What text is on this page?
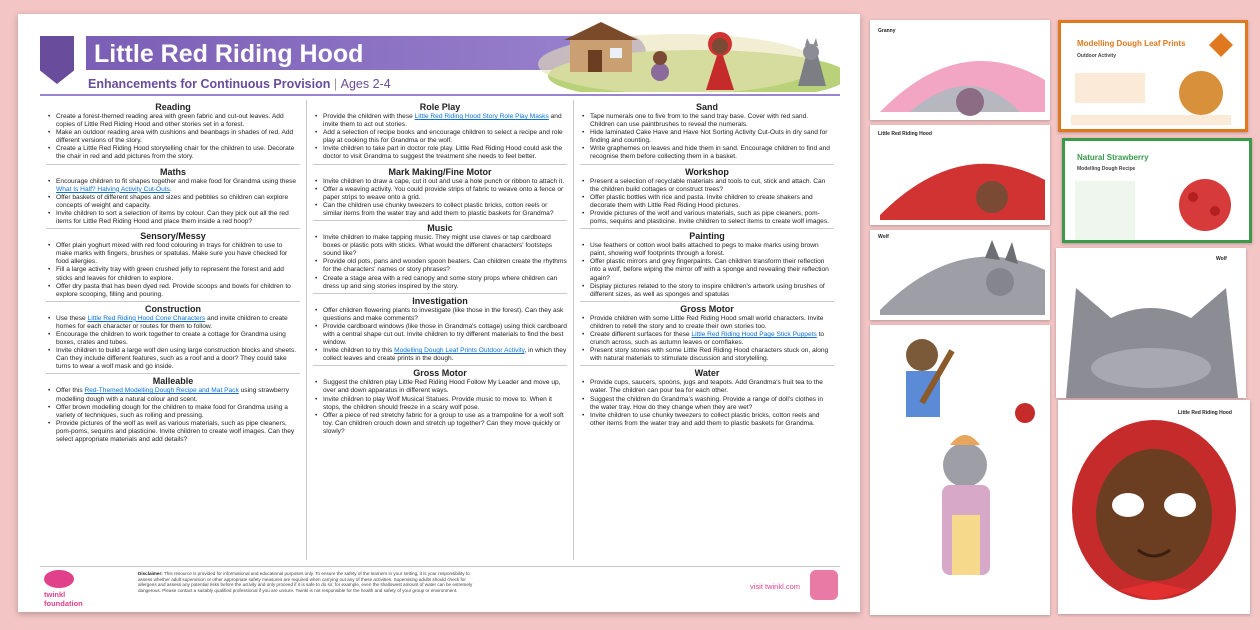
Little Red Riding Hood
Enhancements for Continuous Provision | Ages 2-4
Reading
• Create a forest-themed reading area with green fabric and cut-out leaves. Add copies of Little Red Riding Hood and other stories set in a forest.
• Make an outdoor reading area with cushions and beanbags in shades of red. Add different versions of the story.
• Create a Little Red Riding Hood storytelling chair for the children to use. Decorate the chair in red and add pictures from the story.
Maths
• Encourage children to fit shapes together and make food for Grandma using these What Is Half? Halving Activity Cut-Outs.
• Offer baskets of different shapes and sizes and pebbles so children can explore concepts of weight and capacity.
• Invite children to sort a selection of items by colour. Can they pick out all the red items for Little Red Riding Hood and place them inside a red hoop?
Sensory/Messy
• Offer plain yoghurt mixed with red food colouring in trays for children to use to make marks with fingers, brushes or spatulas. Make sure you have checked for food allergies.
• Fill a large activity tray with green crushed jelly to represent the forest and add sticks and leaves for children to explore.
• Offer dry pasta that has been dyed red. Provide scoops and bowls for children to explore scooping, filling and pouring.
Construction
• Use these Little Red Riding Hood Cone Characters and invite children to create homes for each character or routes for them to follow.
• Encourage the children to work together to create a cottage for Grandma using boxes, crates and tubes.
• Invite children to build a large wolf den using large construction blocks and sheets. Can they include different features, such as a roof and a door? They could take turns to wear a wolf mask and go inside.
Malleable
• Offer this Red-Themed Modelling Dough Recipe and Mat Pack using strawberry modelling dough with a natural colour and scent.
• Offer brown modelling dough for the children to make food for Grandma using a variety of techniques, such as rolling and pressing.
• Provide pictures of the wolf as well as various materials, such as pipe cleaners, pom-poms, sequins and plasticine. Invite children to create wolf images. Can they select appropriate materials and add details?
Role Play
• Provide the children with these Little Red Riding Hood Story Role Play Masks and invite them to act out stories.
• Add a selection of recipe books and encourage children to select a recipe and role play at cooking this for Grandma or the wolf.
• Invite children to take part in doctor role play. Little Red Riding Hood could ask the doctor to visit Grandma to suggest the treatment she needs to feel better.
Mark Making/Fine Motor
• Invite children to draw a cape, cut it out and use a hole punch or ribbon to attach it.
• Offer a weaving activity. You could provide strips of fabric to weave onto a fence or paper strips to weave onto a grid.
• Can the children use chunky tweezers to collect plastic bricks, cotton reels or similar items from the water tray and add them to plastic baskets for Grandma?
Music
• Invite children to make tapping music. They might use claves or tap cardboard boxes or plastic pots with sticks. What would the different characters' footsteps sound like?
• Provide old pots, pans and wooden spoon beaters. Can children create the rhythms for the characters' names or story phrases?
• Create a stage area with a red canopy and some story props where children can dress up and sing stories inspired by the story.
Investigation
• Offer children flowering plants to investigate (like those in the forest). Can they ask questions and make comments?
• Provide cardboard windows (like those in Grandma's cottage) using thick cardboard with a central shape cut out. Invite children to try different materials to find the best window.
• Invite children to try this Modelling Dough Leaf Prints Outdoor Activity, in which they collect leaves and create prints in the dough.
Gross Motor
• Suggest the children play Little Red Riding Hood Follow My Leader and move up, over and down apparatus in different ways.
• Invite children to play Wolf Musical Statues. Provide music to move to. When it stops, the children should freeze in a scary wolf pose.
• Offer a piece of red stretchy fabric for a group to use as a trampoline for a wolf soft toy. Can children crouch down and stretch up together? Can they move quickly or slowly?
Sand
• Tape numerals one to five from to the sand tray base. Cover with red sand. Children can use paintbrushes to reveal the numerals.
• Hide laminated Cake Have and Have Not Sorting Activity Cut-Outs in dry sand for finding and counting.
• Write graphemes on leaves and hide them in sand. Encourage children to find and recognise them before collecting them in a basket.
Workshop
• Present a selection of recyclable materials and tools to cut, stick and attach. Can the children build cottages or construct trees?
• Offer plastic bottles with rice and pasta. Invite children to create shakers and decorate them with Little Red Riding Hood pictures.
• Provide pictures of the wolf and various materials, such as pipe cleaners, pom-poms, sequins and plasticine. Invite children to select items to create wolf images.
Painting
• Use feathers or cotton wool balls attached to pegs to make marks using brown paint, showing wolf footprints through a forest.
• Offer plastic mirrors and grey fingerpaints. Can children transform their reflection into a wolf, before wiping the mirror off with a sponge and revealing their reflection again?
• Display pictures related to the story to inspire children's artwork using brushes of different sizes, as well as sponges and spatulas
Gross Motor
• Provide children with some Little Red Riding Hood small world characters. Invite children to retell the story and to create their own stories too.
• Create different surfaces for these Little Red Riding Hood Page Stick Puppets to crunch across, such as autumn leaves or cornflakes.
• Present story stones with some Little Red Riding Hood characters stuck on, along with natural materials to stimulate discussion and storytelling.
Water
• Provide cups, saucers, spoons, jugs and teapots. Add Grandma's fruit tea to the water. The children can pour tea for each other.
• Suggest the children do Grandma's washing. Provide a range of doll's clothes in the water tray. How do they change when they are wet?
• Invite children to use chunky tweezers to collect plastic bricks, cotton reels and other items from the water tray and add them to plastic baskets for Grandma.
twinkl
foundation
Disclaimer: This resource is provided for informational and educational purposes only. To ensure the safety of the learners in your setting, it is your responsibility to assess whether adult supervision or other appropriate safety measures are required when carrying out any of these activities. Supervising adults should check for allergens and assess any potential risks before the activity and only proceed if it is safe to do so; for example, even the shallowest amount of water can be extremely dangerous. Please contact a suitably qualified professional if you are unsure. Twinkl is not responsible for the health and safety of your group or environment.	visit twinkl.com
Granny
Little Red Riding Hood
Wolf
Modelling Dough Leaf Prints
Outdoor Activity
Natural Strawberry
Modelling Dough Recipe
Wolf
Little Red Riding Hood
